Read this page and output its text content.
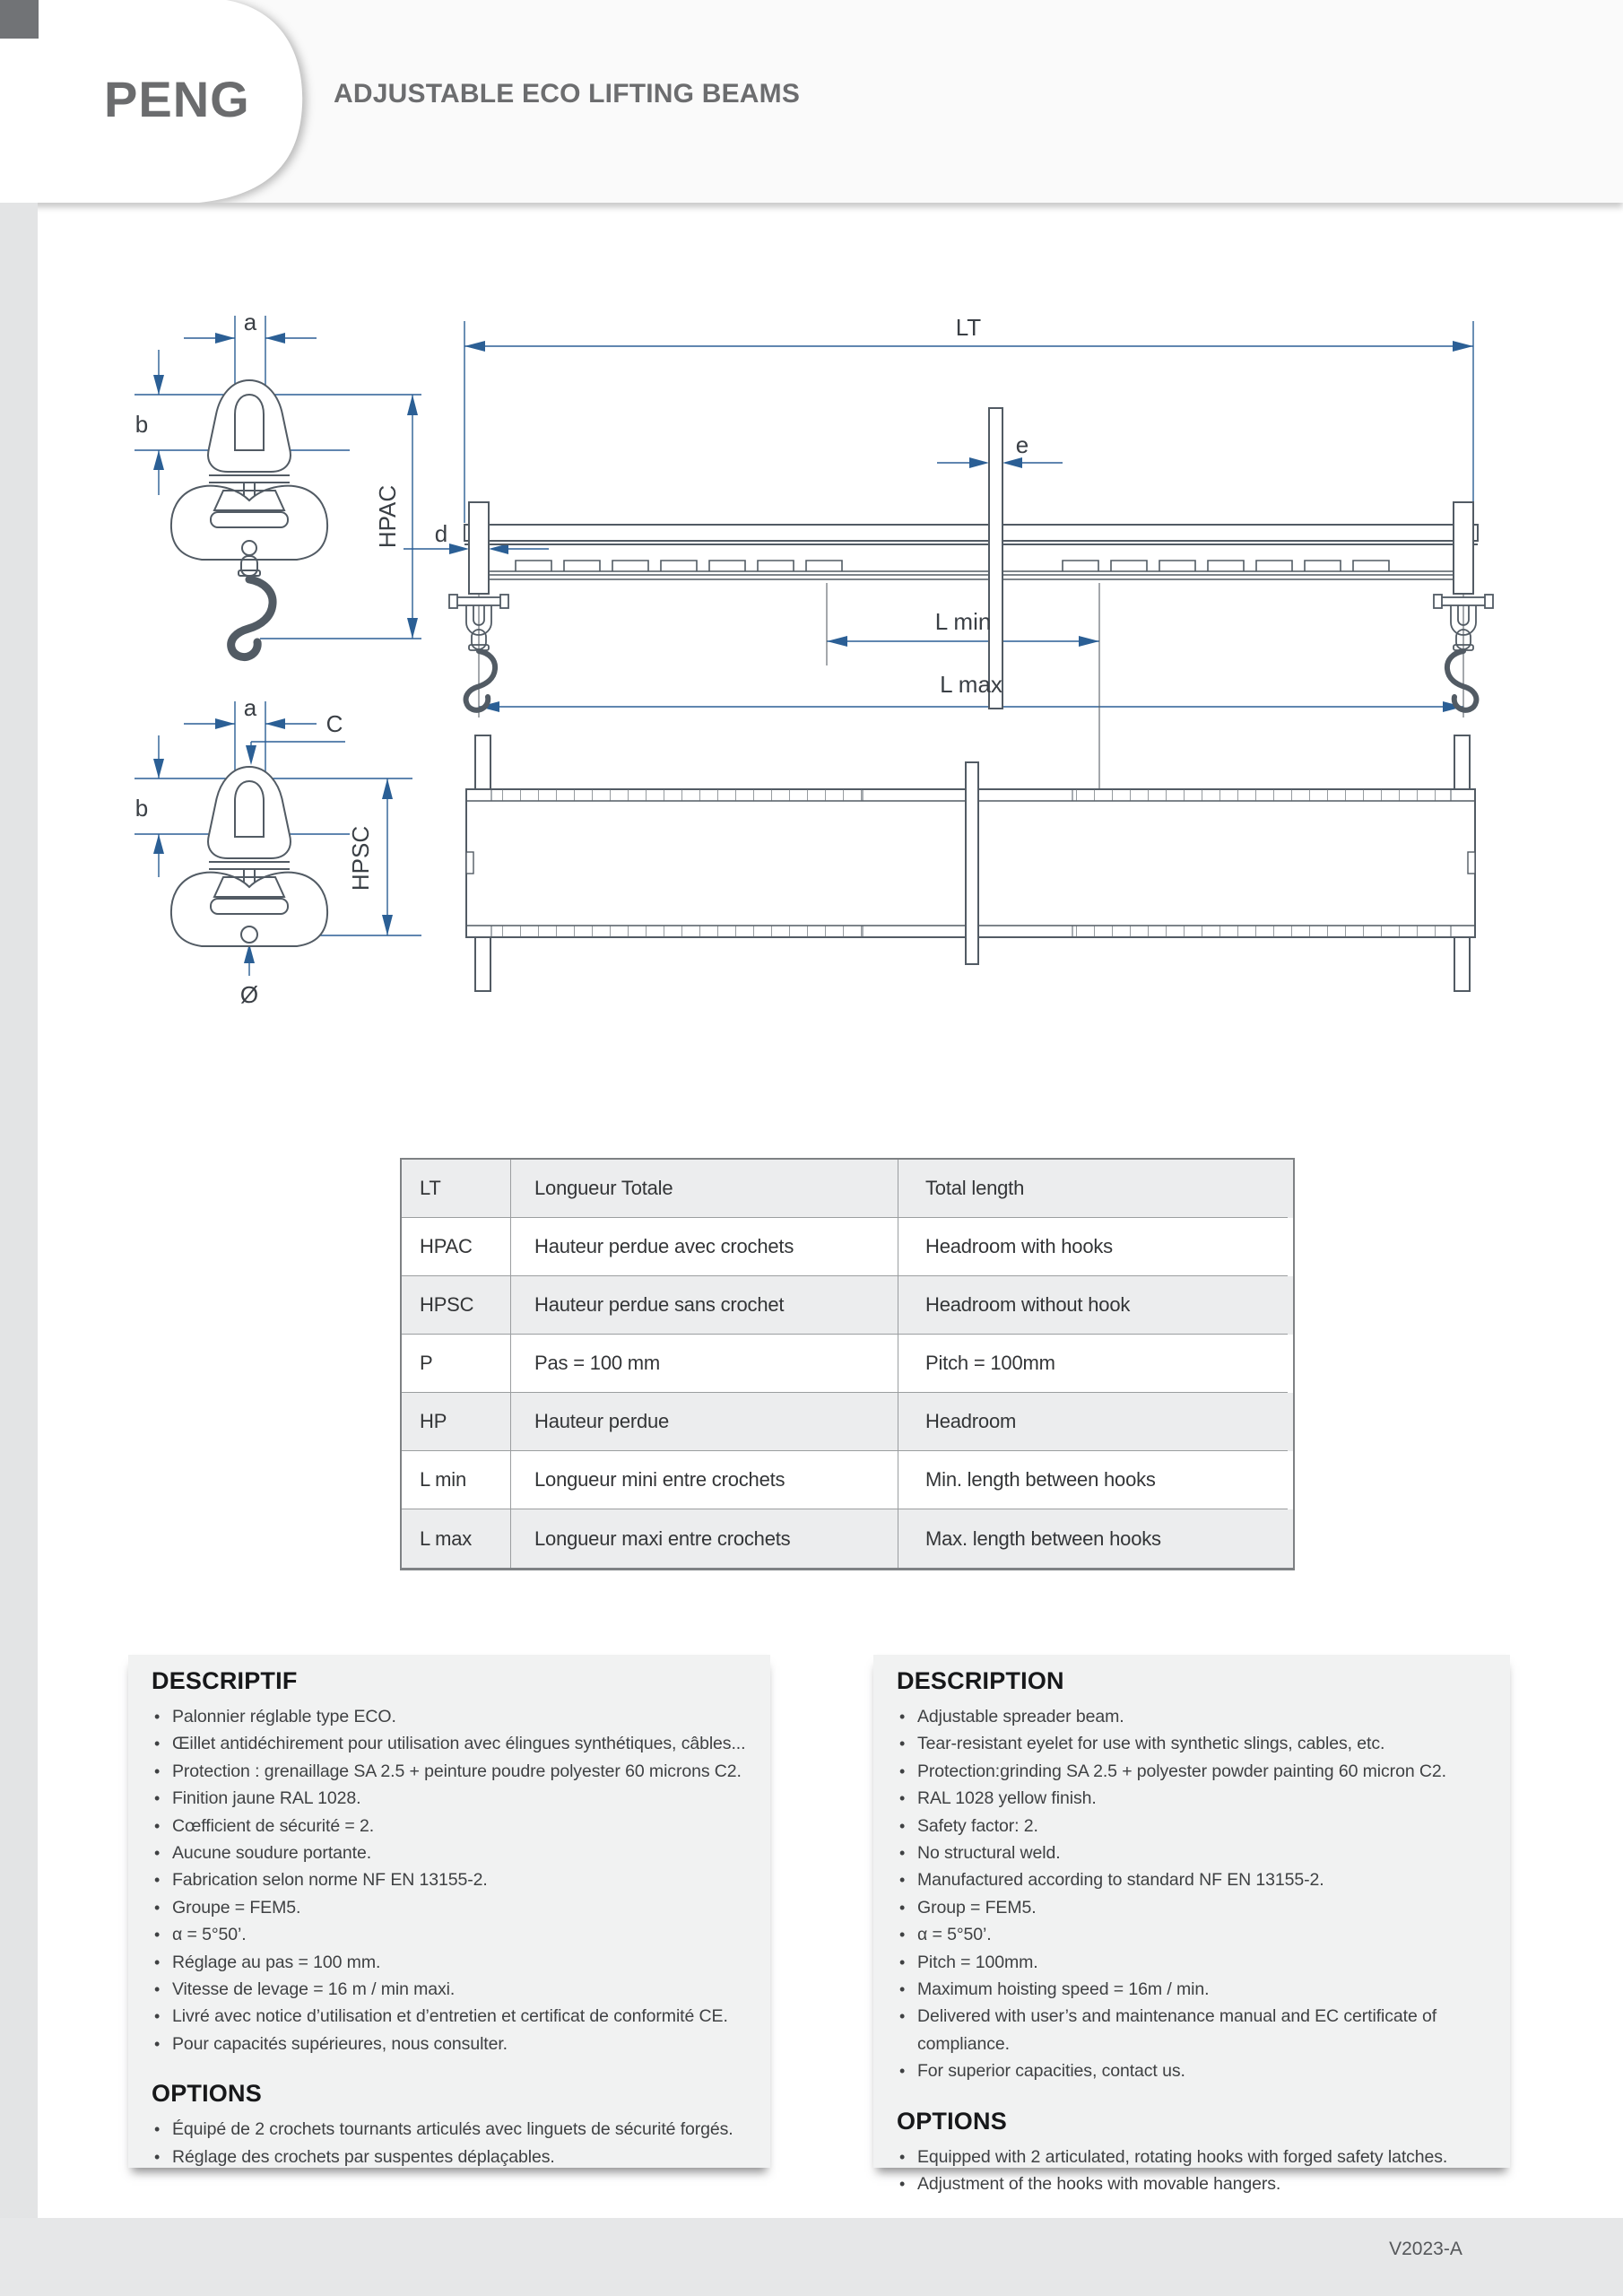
PENG	ADJUSTABLE ECO LIFTING BEAMS
a
b
HPAC
LT
d
e
L min
L max
a
C
b
HPSC
Ø
LT	Longueur Totale	Total length
HPAC	Hauteur perdue avec crochets	Headroom with hooks
HPSC	Hauteur perdue sans crochet	Headroom without hook
P	Pas = 100 mm	Pitch = 100mm
HP	Hauteur perdue	Headroom
L min	Longueur mini entre crochets	Min. length between hooks
L max	Longueur maxi entre crochets	Max. length between hooks
DESCRIPTIF
• Palonnier réglable type ECO.
• Œillet antidéchirement pour utilisation avec élingues synthétiques, câbles...
• Protection : grenaillage SA 2.5 + peinture poudre polyester 60 microns C2.
• Finition jaune RAL 1028.
• Cœfficient de sécurité = 2.
• Aucune soudure portante.
• Fabrication selon norme NF EN 13155-2.
• Groupe = FEM5.
• α = 5°50’.
• Réglage au pas = 100 mm.
• Vitesse de levage = 16 m / min maxi.
• Livré avec notice d’utilisation et d’entretien et certificat de conformité CE.
• Pour capacités supérieures, nous consulter.
OPTIONS
• Équipé de 2 crochets tournants articulés avec linguets de sécurité forgés.
• Réglage des crochets par suspentes déplaçables.
DESCRIPTION
• Adjustable spreader beam.
• Tear-resistant eyelet for use with synthetic slings, cables, etc.
• Protection:grinding SA 2.5 + polyester powder painting 60 micron C2.
• RAL 1028 yellow finish.
• Safety factor: 2.
• No structural weld.
• Manufactured according to standard NF EN 13155-2.
• Group = FEM5.
• α = 5°50’.
• Pitch = 100mm.
• Maximum hoisting speed = 16m / min.
• Delivered with user’s and maintenance manual and EC certificate of compliance.
• For superior capacities, contact us.
OPTIONS
• Equipped with 2 articulated, rotating hooks with forged safety latches.
• Adjustment of the hooks with movable hangers.
V2023-A
